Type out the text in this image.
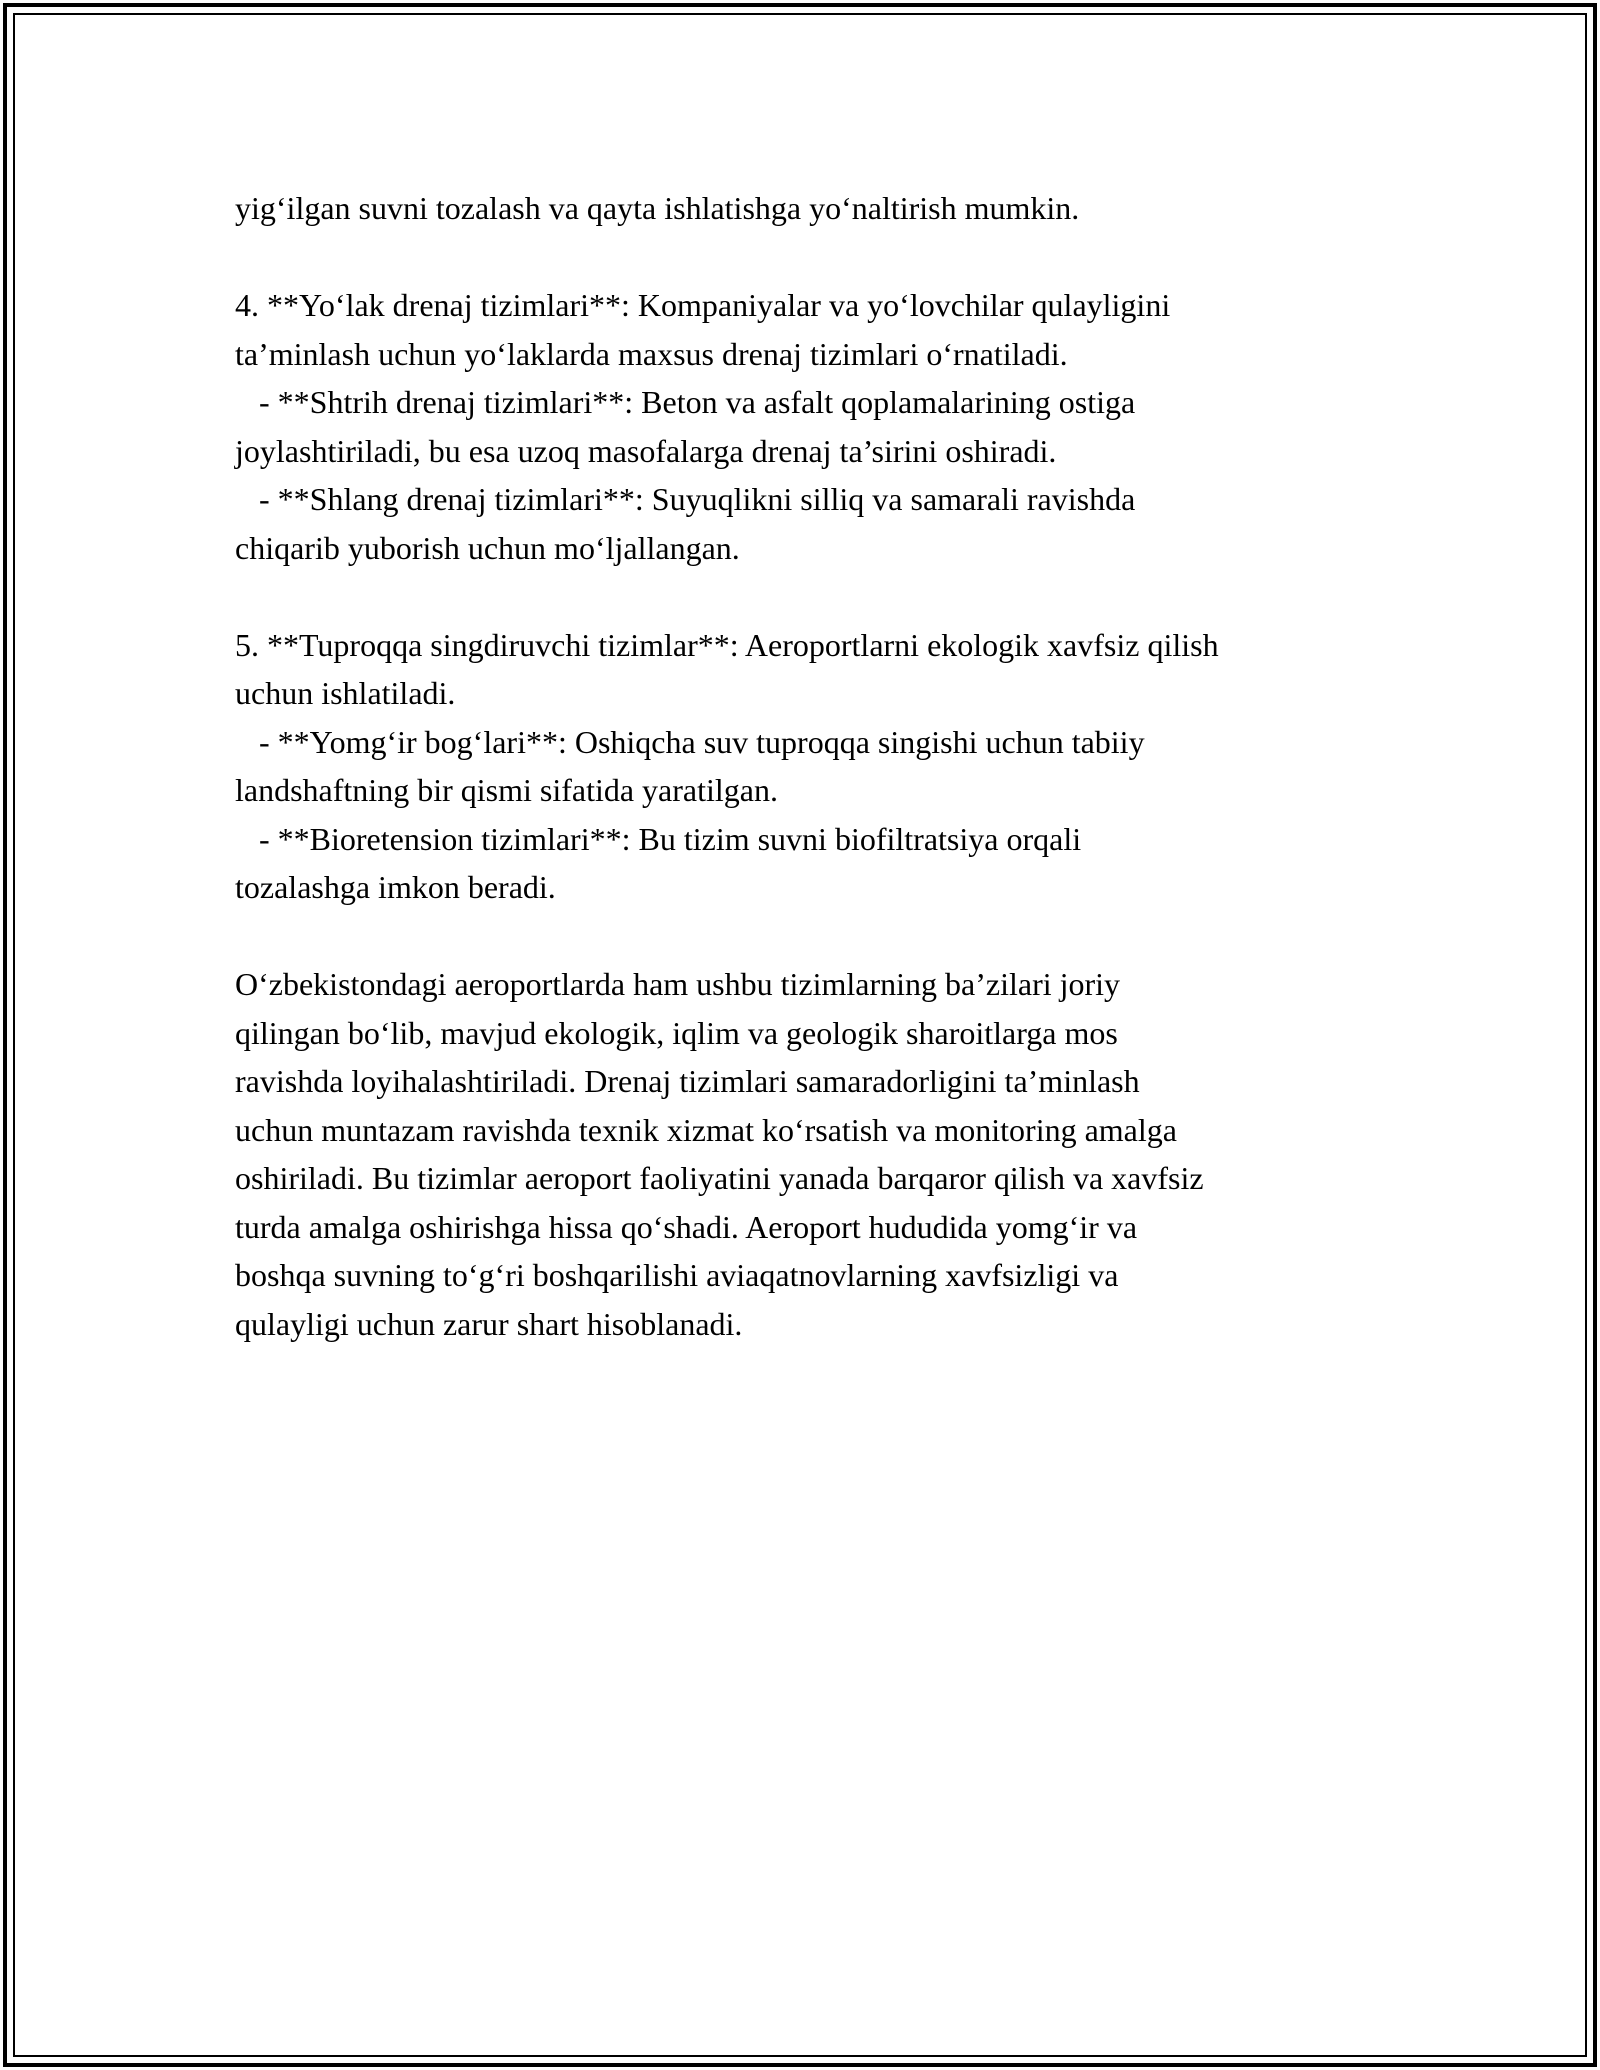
yig‘ilgan suvni tozalash va qayta ishlatishga yo‘naltirish mumkin.
4. **Yo‘lak drenaj tizimlari**: Kompaniyalar va yo‘lovchilar qulayligini
ta’minlash uchun yo‘laklarda maxsus drenaj tizimlari o‘rnatiladi.
- **Shtrih drenaj tizimlari**: Beton va asfalt qoplamalarining ostiga
joylashtiriladi, bu esa uzoq masofalarga drenaj ta’sirini oshiradi.
- **Shlang drenaj tizimlari**: Suyuqlikni silliq va samarali ravishda
chiqarib yuborish uchun mo‘ljallangan.
5. **Tuproqqa singdiruvchi tizimlar**: Aeroportlarni ekologik xavfsiz qilish
uchun ishlatiladi.
- **Yomg‘ir bog‘lari**: Oshiqcha suv tuproqqa singishi uchun tabiiy
landshaftning bir qismi sifatida yaratilgan.
- **Bioretension tizimlari**: Bu tizim suvni biofiltratsiya orqali
tozalashga imkon beradi.
O‘zbekistondagi aeroportlarda ham ushbu tizimlarning ba’zilari joriy
qilingan bo‘lib, mavjud ekologik, iqlim va geologik sharoitlarga mos
ravishda loyihalashtiriladi. Drenaj tizimlari samaradorligini ta’minlash
uchun muntazam ravishda texnik xizmat ko‘rsatish va monitoring amalga
oshiriladi. Bu tizimlar aeroport faoliyatini yanada barqaror qilish va xavfsiz
turda amalga oshirishga hissa qo‘shadi. Aeroport hududida yomg‘ir va
boshqa suvning to‘g‘ri boshqarilishi aviaqatnovlarning xavfsizligi va
qulayligi uchun zarur shart hisoblanadi.
